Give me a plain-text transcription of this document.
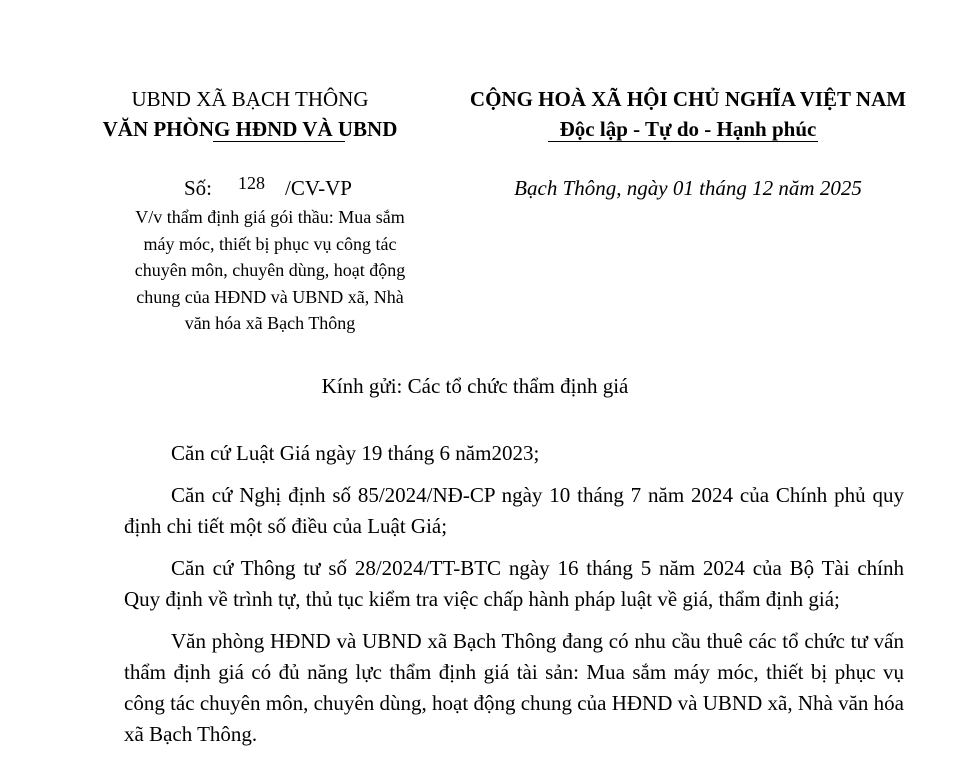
UBND XÃ BẠCH THÔNG
VĂN PHÒNG HĐND VÀ UBND
CỘNG HOÀ XÃ HỘI CHỦ NGHĨA VIỆT NAM
Độc lập - Tự do - Hạnh phúc
Số: 128 /CV-VP	Bạch Thông, ngày 01 tháng 12 năm 2025
V/v thẩm định giá gói thầu: Mua sắm
máy móc, thiết bị phục vụ công tác
chuyên môn, chuyên dùng, hoạt động
chung của HĐND và UBND xã, Nhà
văn hóa xã Bạch Thông
Kính gửi: Các tổ chức thẩm định giá

Căn cứ Luật Giá ngày 19 tháng 6 năm2023;

Căn cứ Nghị định số 85/2024/NĐ-CP ngày 10 tháng 7 năm 2024 của Chính phủ quy định chi tiết một số điều của Luật Giá;

Căn cứ Thông tư số 28/2024/TT-BTC ngày 16 tháng 5 năm 2024 của Bộ Tài chính Quy định về trình tự, thủ tục kiểm tra việc chấp hành pháp luật về giá, thẩm định giá;

Văn phòng HĐND và UBND xã Bạch Thông đang có nhu cầu thuê các tổ chức tư vấn thẩm định giá có đủ năng lực thẩm định giá tài sản: Mua sắm máy móc, thiết bị phục vụ công tác chuyên môn, chuyên dùng, hoạt động chung của HĐND và UBND xã, Nhà văn hóa xã Bạch Thông.
